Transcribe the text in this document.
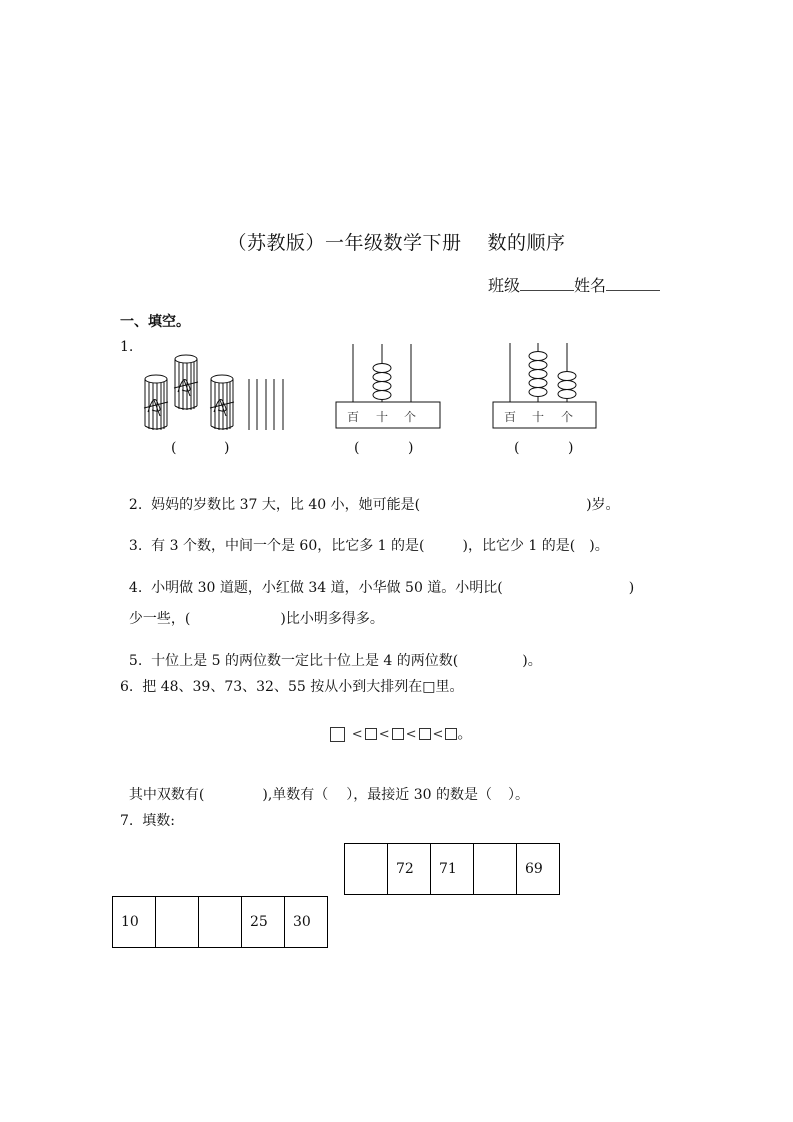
（苏教版）一年级数学下册 数的顺序
班级	姓名
一、填空。
1.
(	)
百 十 个
(	)
百 十 个
(	)

2.  妈妈的岁数比 37 大，比 40 小，她可能是(	)岁。

3.  有 3 个数，中间一个是 60，比它多 1 的是(	)，比它少 1 的是( )。

4.  小明做 30 道题，小红做 34 道，小华做 50 道。小明比(	)

少一些，(	)比小明多得多。

5.  十位上是 5 的两位数一定比十位上是 4 的两位数(	)。

6.  把 48、39、73、32、55 按从小到大排列在□里。
< < < < 。

其中双数有(	),单数有（ ），最接近 30 的数是（ ）。

7.  填数:
	72	71		69
10			25	30
